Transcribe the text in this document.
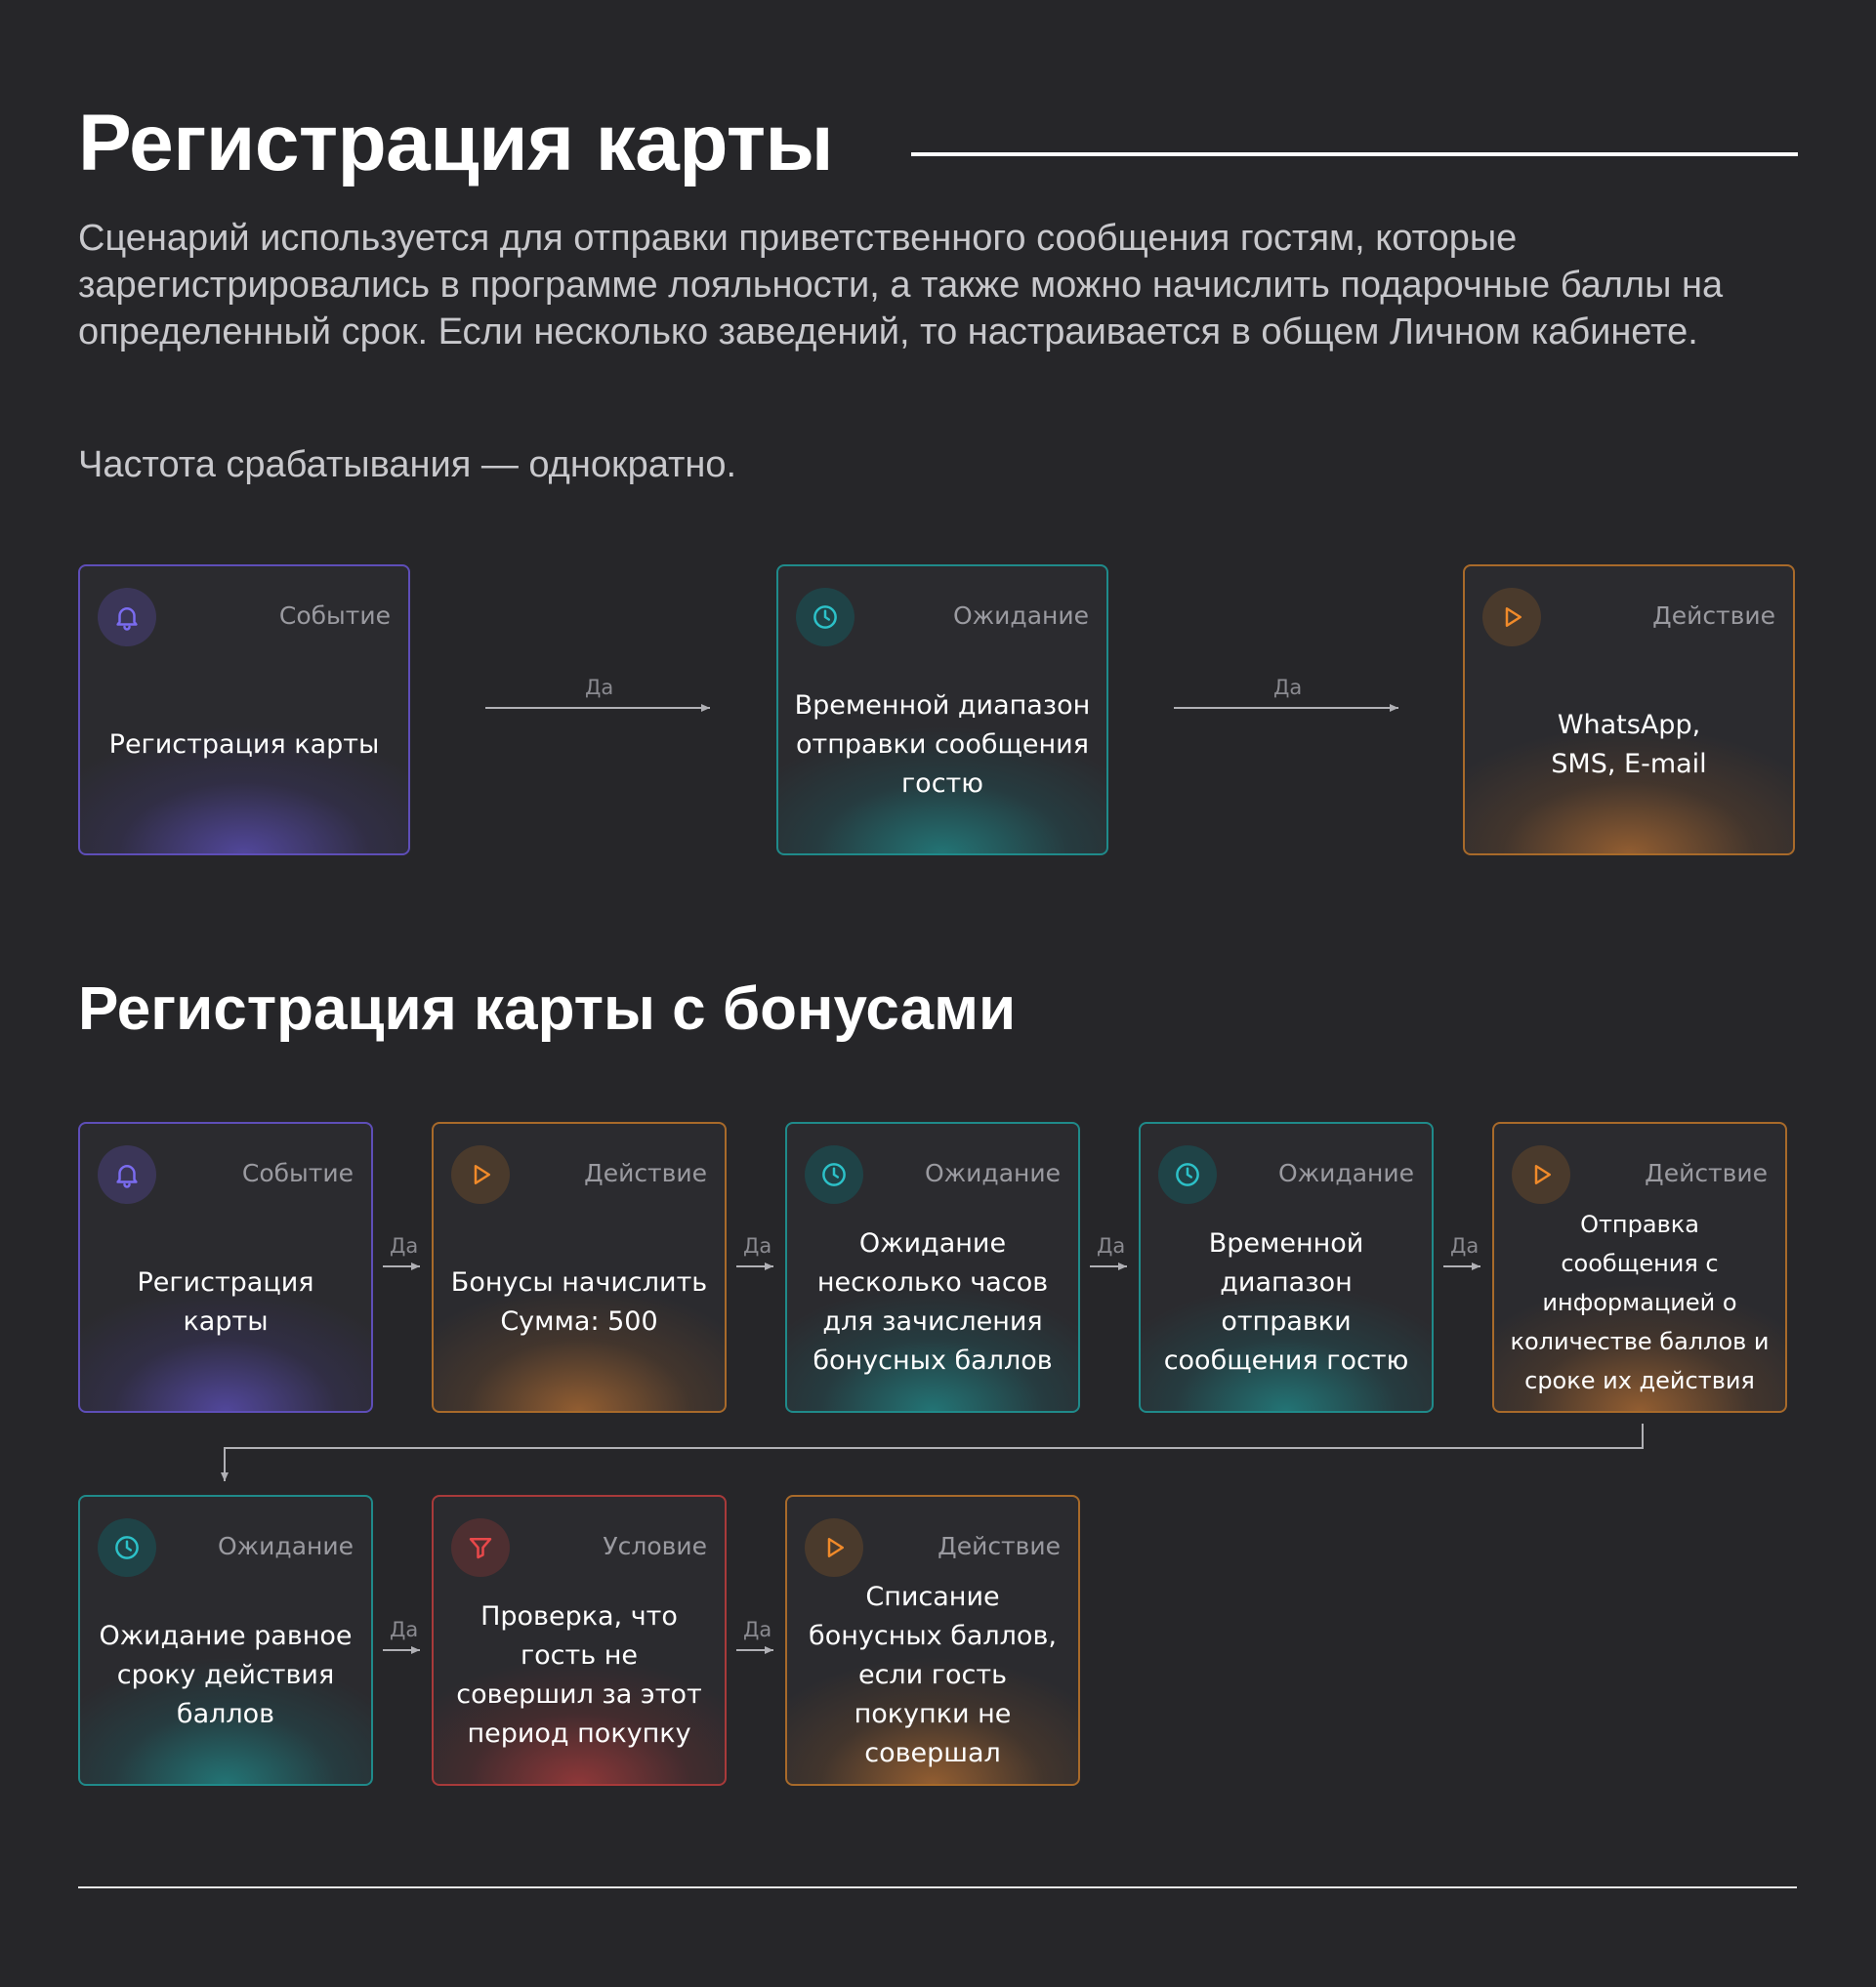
Регистрация карты

Сценарий используется для отправки приветственного сообщения гостям, которые зарегистрировались в программе лояльности, а также можно начислить подарочные баллы на определенный срок. Если несколько заведений, то настраивается в общем Личном кабинете.

Частота срабатывания — однократно.

Да	Да
Событие
Регистрация карты
Ожидание
Временной диапазон отправки сообщения гостю
Действие
WhatsApp, SMS, E-mail
Регистрация карты с бонусами
Да	Да	Да	Да
Да	Да
Событие
Регистрация карты
Действие
Бонусы начислить Сумма: 500
Ожидание
Ожидание несколько часов для зачисления бонусных баллов
Ожидание
Временной диапазон отправки сообщения гостю
Действие
Отправка сообщения с информацией о количестве баллов и сроке их действия
Ожидание
Ожидание равное сроку действия баллов
Условие
Проверка, что гость не совершил за этот период покупку
Действие
Списание бонусных баллов, если гость покупки не совершал
